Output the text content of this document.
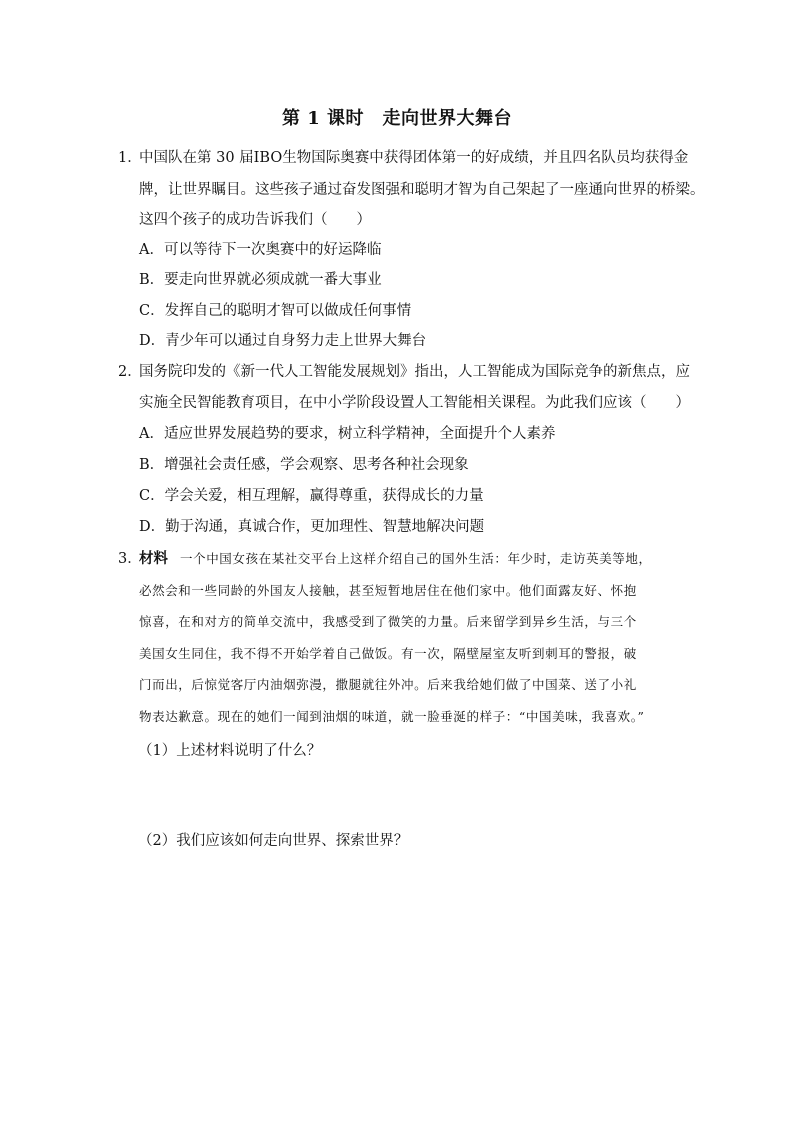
第 1 课时　走向世界大舞台
1．
中国队在第 30 届IBO生物国际奥赛中获得团体第一的好成绩，并且四名队员均获得金
牌，让世界瞩目。这些孩子通过奋发图强和聪明才智为自己架起了一座通向世界的桥梁。
这四个孩子的成功告诉我们（　　）
A．可以等待下一次奥赛中的好运降临
B．要走向世界就必须成就一番大事业
C．发挥自己的聪明才智可以做成任何事情
D．青少年可以通过自身努力走上世界大舞台
2．
国务院印发的《新一代人工智能发展规划》指出，人工智能成为国际竞争的新焦点，应
实施全民智能教育项目，在中小学阶段设置人工智能相关课程。为此我们应该（　　）
A．适应世界发展趋势的要求，树立科学精神，全面提升个人素养
B．增强社会责任感，学会观察、思考各种社会现象
C．学会关爱，相互理解，赢得尊重，获得成长的力量
D．勤于沟通，真诚合作，更加理性、智慧地解决问题
3．
材料 一个中国女孩在某社交平台上这样介绍自己的国外生活：年少时，走访英美等地，
必然会和一些同龄的外国友人接触，甚至短暂地居住在他们家中。他们面露友好、怀抱
惊喜，在和对方的简单交流中，我感受到了微笑的力量。后来留学到异乡生活，与三个
美国女生同住，我不得不开始学着自己做饭。有一次，隔壁屋室友听到刺耳的警报，破
门而出，后惊觉客厅内油烟弥漫，撒腿就往外冲。后来我给她们做了中国菜、送了小礼
物表达歉意。现在的她们一闻到油烟的味道，就一脸垂涎的样子：“中国美味，我喜欢。”
（1）上述材料说明了什么？
（2）我们应该如何走向世界、探索世界？
